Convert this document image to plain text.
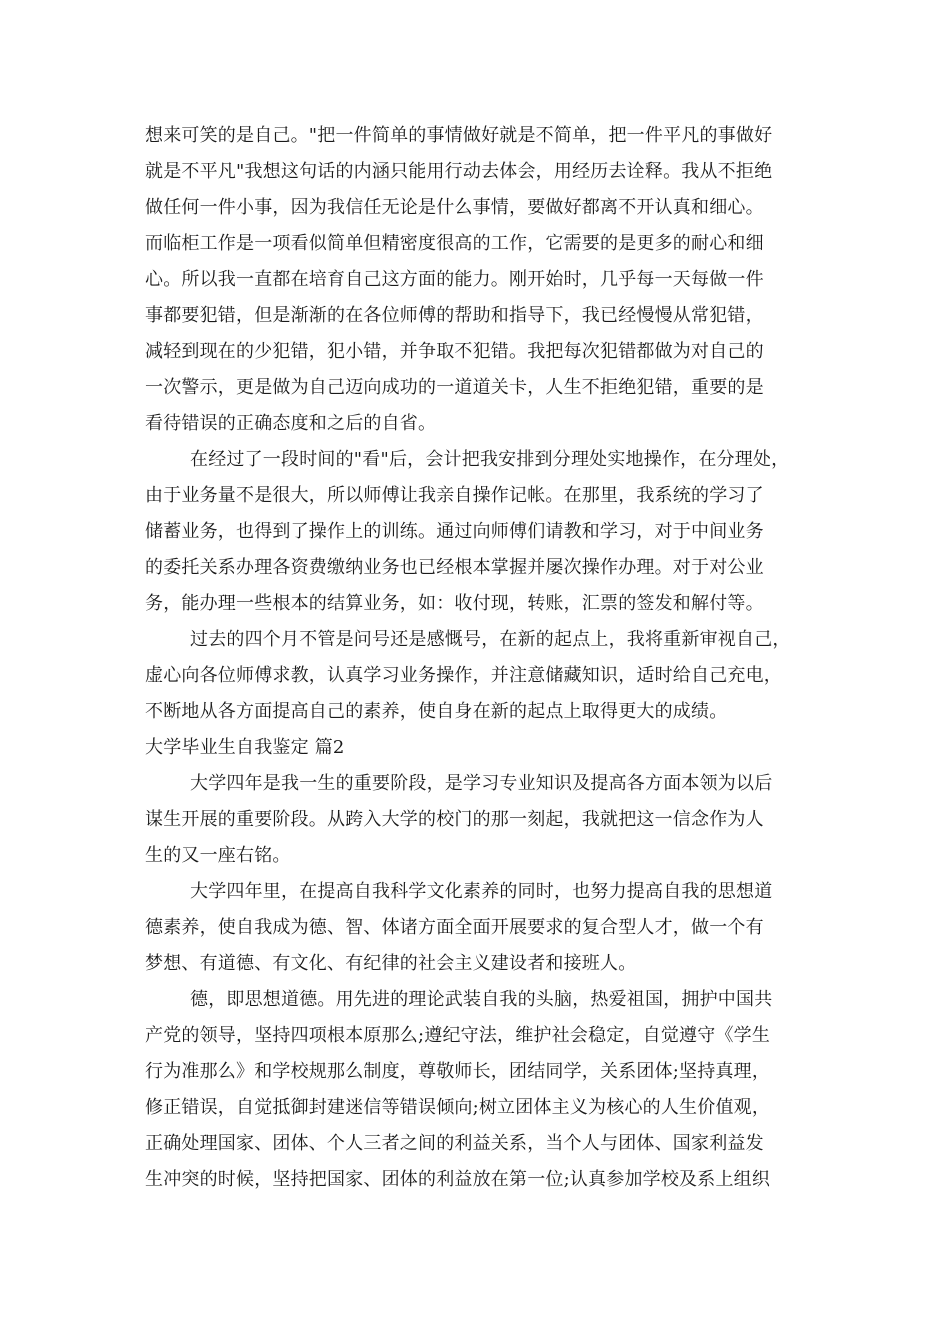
想来可笑的是自己。"把一件简单的事情做好就是不简单，把一件平凡的事做好
就是不平凡"我想这句话的内涵只能用行动去体会，用经历去诠释。我从不拒绝
做任何一件小事，因为我信任无论是什么事情，要做好都离不开认真和细心。
而临柜工作是一项看似简单但精密度很高的工作，它需要的是更多的耐心和细
心。所以我一直都在培育自己这方面的能力。刚开始时，几乎每一天每做一件
事都要犯错，但是渐渐的在各位师傅的帮助和指导下，我已经慢慢从常犯错，
减轻到现在的少犯错，犯小错，并争取不犯错。我把每次犯错都做为对自己的
一次警示，更是做为自己迈向成功的一道道关卡，人生不拒绝犯错，重要的是
看待错误的正确态度和之后的自省。
在经过了一段时间的"看"后，会计把我安排到分理处实地操作，在分理处，
由于业务量不是很大，所以师傅让我亲自操作记帐。在那里，我系统的学习了
储蓄业务，也得到了操作上的训练。通过向师傅们请教和学习，对于中间业务
的委托关系办理各资费缴纳业务也已经根本掌握并屡次操作办理。对于对公业
务，能办理一些根本的结算业务，如：收付现，转账，汇票的签发和解付等。
过去的四个月不管是问号还是感慨号，在新的起点上，我将重新审视自己，
虚心向各位师傅求教，认真学习业务操作，并注意储藏知识，适时给自己充电，
不断地从各方面提高自己的素养，使自身在新的起点上取得更大的成绩。
大学毕业生自我鉴定 篇2
大学四年是我一生的重要阶段，是学习专业知识及提高各方面本领为以后
谋生开展的重要阶段。从跨入大学的校门的那一刻起，我就把这一信念作为人
生的又一座右铭。
大学四年里，在提高自我科学文化素养的同时，也努力提高自我的思想道
德素养，使自我成为德、智、体诸方面全面开展要求的复合型人才，做一个有
梦想、有道德、有文化、有纪律的社会主义建设者和接班人。
德，即思想道德。用先进的理论武装自我的头脑，热爱祖国，拥护中国共
产党的领导，坚持四项根本原那么;遵纪守法，维护社会稳定，自觉遵守《学生
行为准那么》和学校规那么制度，尊敬师长，团结同学，关系团体;坚持真理，
修正错误，自觉抵御封建迷信等错误倾向;树立团体主义为核心的人生价值观，
正确处理国家、团体、个人三者之间的利益关系，当个人与团体、国家利益发
生冲突的时候，坚持把国家、团体的利益放在第一位;认真参加学校及系上组织
